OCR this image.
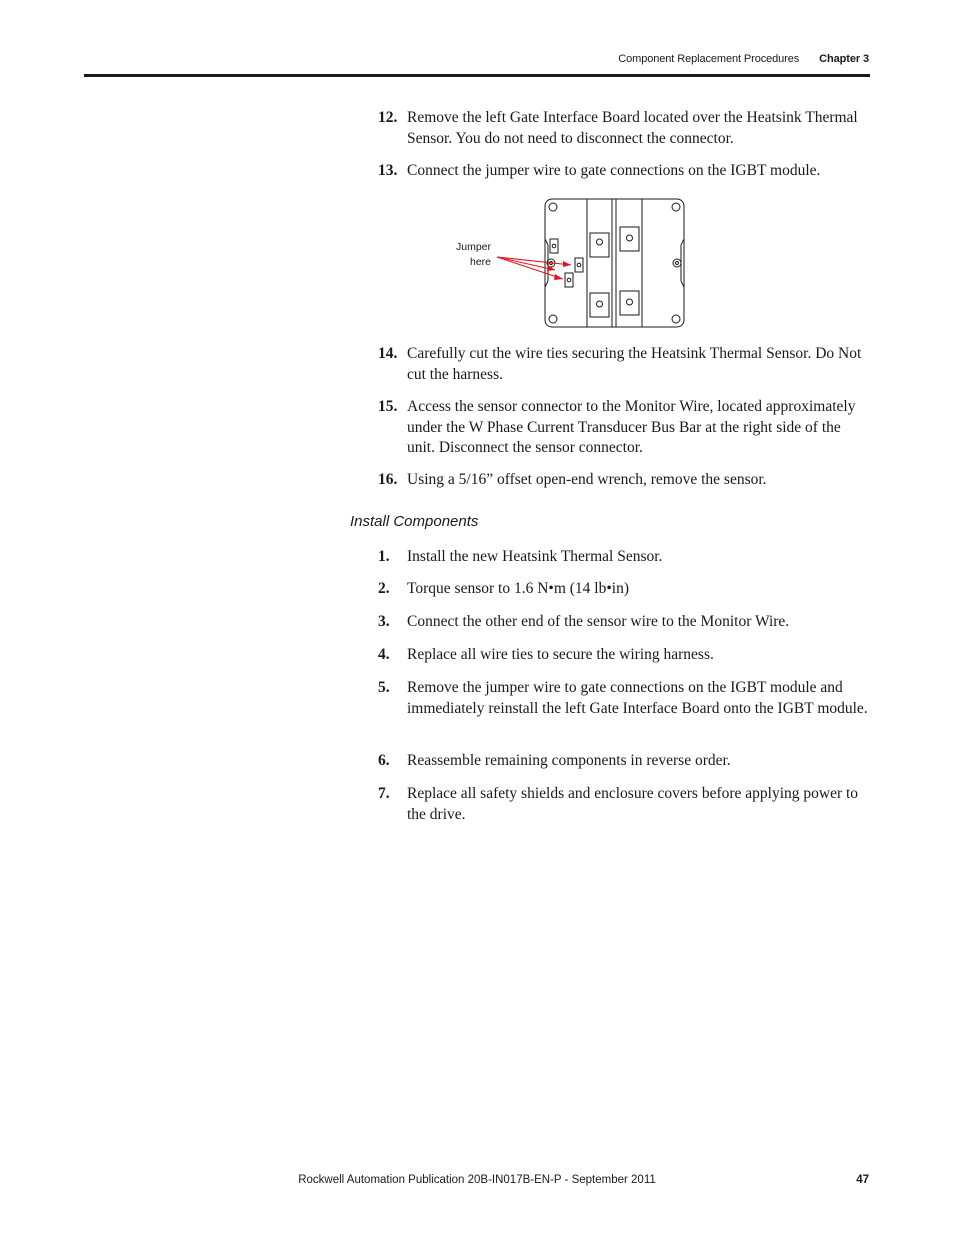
Component Replacement Procedures Chapter 3
12. Remove the left Gate Interface Board located over the Heatsink Thermal Sensor. You do not need to disconnect the connector.
13. Connect the jumper wire to gate connections on the IGBT module.
Jumper
here
14. Carefully cut the wire ties securing the Heatsink Thermal Sensor. Do Not cut the harness.
15. Access the sensor connector to the Monitor Wire, located approximately under the W Phase Current Transducer Bus Bar at the right side of the unit. Disconnect the sensor connector.
16. Using a 5/16” offset open-end wrench, remove the sensor.
Install Components
1. Install the new Heatsink Thermal Sensor.
2. Torque sensor to 1.6 N•m (14 lb•in)
3. Connect the other end of the sensor wire to the Monitor Wire.
4. Replace all wire ties to secure the wiring harness.
5. Remove the jumper wire to gate connections on the IGBT module and immediately reinstall the left Gate Interface Board onto the IGBT module.
6. Reassemble remaining components in reverse order.
7. Replace all safety shields and enclosure covers before applying power to the drive.
Rockwell Automation Publication 20B-IN017B-EN-P - September 2011	47
